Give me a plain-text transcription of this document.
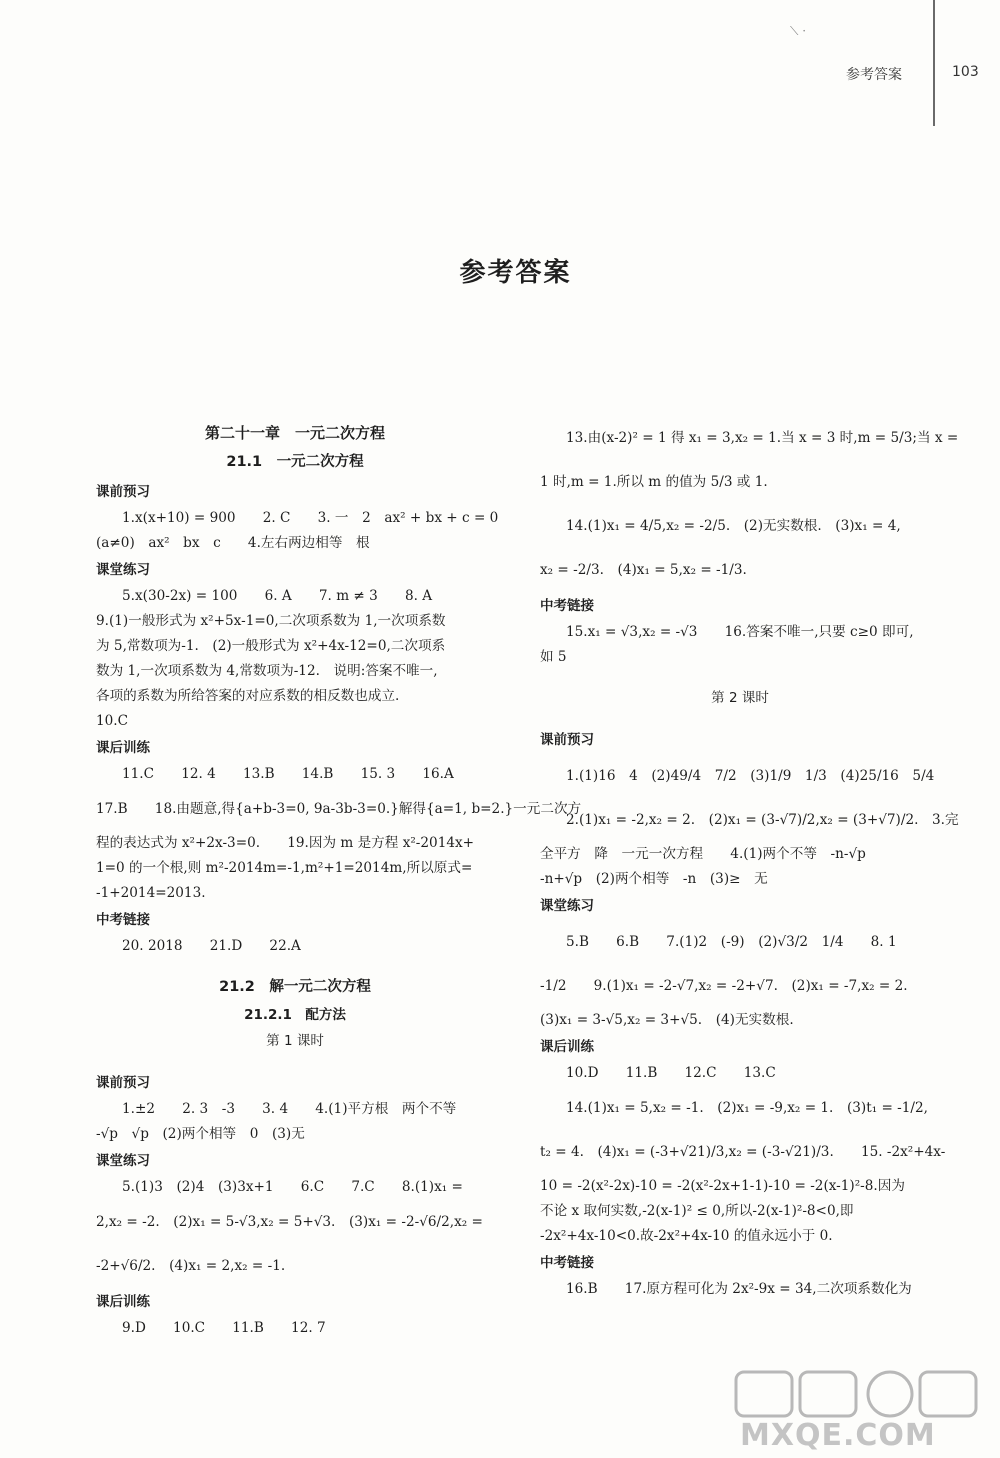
⟍ ·
参考答案	103
参考答案
第二十一章　一元二次方程
21.1　一元二次方程
课前预习
1.x(x+10) = 900　　2. C　　3. 一　2　ax² + bx + c = 0
(a≠0)　ax²　bx　c　　4.左右两边相等　根
课堂练习
5.x(30-2x) = 100　　6. A　　7. m ≠ 3　　8. A
9.(1)一般形式为 x²+5x-1=0,二次项系数为 1,一次项系数
为 5,常数项为-1.　(2)一般形式为 x²+4x-12=0,二次项系
数为 1,一次项系数为 4,常数项为-12.　说明:答案不唯一,
各项的系数为所给答案的对应系数的相反数也成立.
10.C
课后训练
11.C　　12. 4　　13.B　　14.B　　15. 3　　16.A
17.B　　18.由题意,得{a+b-3=0, 9a-3b-3=0.}解得{a=1, b=2.}一元二次方
程的表达式为 x²+2x-3=0.　　19.因为 m 是方程 x²-2014x+
1=0 的一个根,则 m²-2014m=-1,m²+1=2014m,所以原式=
-1+2014=2013.
中考链接
20. 2018　　21.D　　22.A
21.2　解一元二次方程
21.2.1　配方法
第 1 课时
课前预习
1.±2　　2. 3　-3　　3. 4　　4.(1)平方根　两个不等
-√p　√p　(2)两个相等　0　(3)无
课堂练习
5.(1)3　(2)4　(3)3x+1　　6.C　　7.C　　8.(1)x₁ =
2,x₂ = -2.　(2)x₁ = 5-√3,x₂ = 5+√3.　(3)x₁ = -2-√6/2,x₂ =
-2+√6/2.　(4)x₁ = 2,x₂ = -1.
课后训练
9.D　　10.C　　11.B　　12. 7
13.由(x-2)² = 1 得 x₁ = 3,x₂ = 1.当 x = 3 时,m = 5/3;当 x =
1 时,m = 1.所以 m 的值为 5/3 或 1.
14.(1)x₁ = 4/5,x₂ = -2/5.　(2)无实数根.　(3)x₁ = 4,
x₂ = -2/3.　(4)x₁ = 5,x₂ = -1/3.
中考链接
15.x₁ = √3,x₂ = -√3　　16.答案不唯一,只要 c≥0 即可,
如 5
第 2 课时
课前预习
1.(1)16　4　(2)49/4　7/2　(3)1/9　1/3　(4)25/16　5/4
2.(1)x₁ = -2,x₂ = 2.　(2)x₁ = (3-√7)/2,x₂ = (3+√7)/2.　3.完
全平方　降　一元一次方程　　4.(1)两个不等　-n-√p
-n+√p　(2)两个相等　-n　(3)≥　无
课堂练习
5.B　　6.B　　7.(1)2　(-9)　(2)√3/2　1/4　　8. 1
-1/2　　9.(1)x₁ = -2-√7,x₂ = -2+√7.　(2)x₁ = -7,x₂ = 2.
(3)x₁ = 3-√5,x₂ = 3+√5.　(4)无实数根.
课后训练
10.D　　11.B　　12.C　　13.C
14.(1)x₁ = 5,x₂ = -1.　(2)x₁ = -9,x₂ = 1.　(3)t₁ = -1/2,
t₂ = 4.　(4)x₁ = (-3+√21)/3,x₂ = (-3-√21)/3.　　15. -2x²+4x-
10 = -2(x²-2x)-10 = -2(x²-2x+1-1)-10 = -2(x-1)²-8.因为
不论 x 取何实数,-2(x-1)² ≤ 0,所以-2(x-1)²-8<0,即
-2x²+4x-10<0.故-2x²+4x-10 的值永远小于 0.
中考链接
16.B　　17.原方程可化为 2x²-9x = 34,二次项系数化为
MXQE.COM
